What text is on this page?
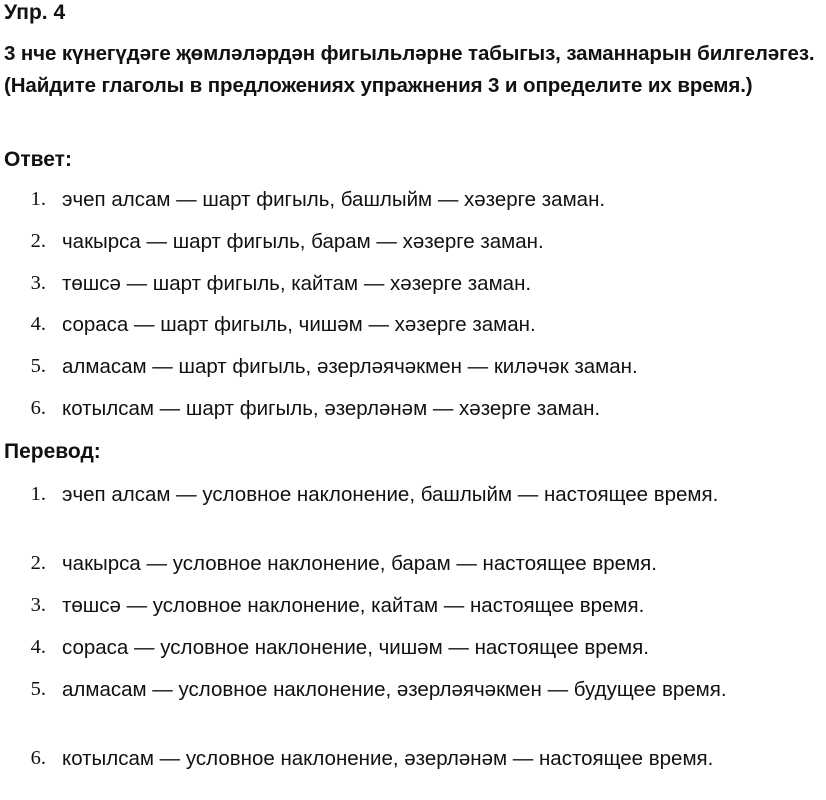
Упр. 4

3 нче күнегүдәге җөмләләрдән фигыльләрне табыгыз, заманнарын билгеләгез. (Найдите глаголы в предложениях упражнения 3 и определите их время.)

Ответ:
1. эчеп алсам — шарт фигыль, башлыйм — хәзерге заман.
2. чакырса — шарт фигыль, барам — хәзерге заман.
3. төшсә — шарт фигыль, кайтам — хәзерге заман.
4. сораса — шарт фигыль, чишәм — хәзерге заман.
5. алмасам — шарт фигыль, әзерләячәкмен — киләчәк заман.
6. котылсам — шарт фигыль, әзерләнәм — хәзерге заман.
Перевод:
1. эчеп алсам — условное наклонение, башлыйм — настоящее время.
2. чакырса — условное наклонение, барам — настоящее время.
3. төшсә — условное наклонение, кайтам — настоящее время.
4. сораса — условное наклонение, чишәм — настоящее время.
5. алмасам — условное наклонение, әзерләячәкмен — будущее время.
6. котылсам — условное наклонение, әзерләнәм — настоящее время.
